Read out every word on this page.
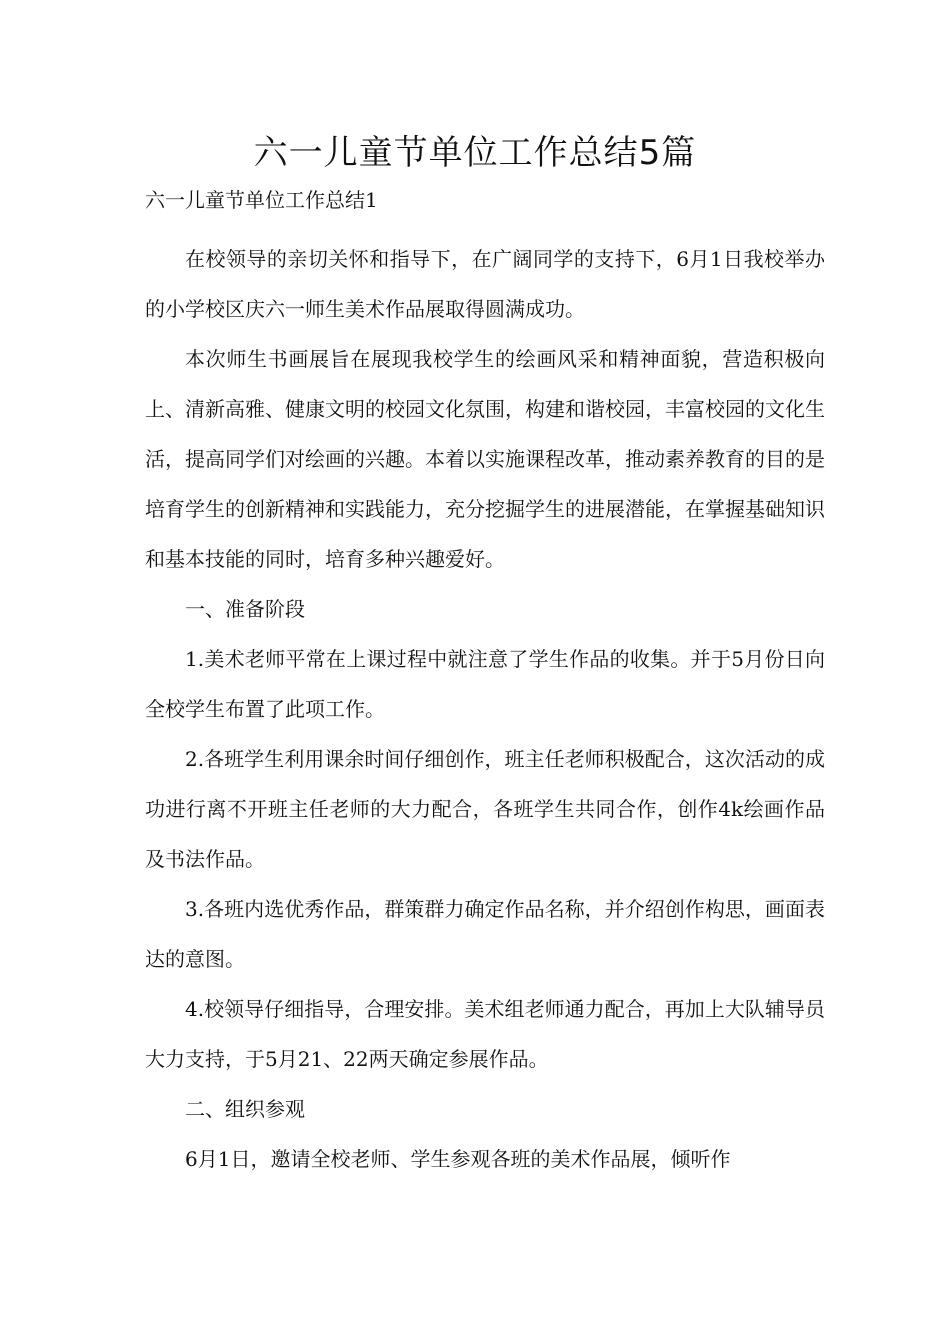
六一儿童节单位工作总结5篇

六一儿童节单位工作总结1

在校领导的亲切关怀和指导下，在广阔同学的支持下，6月1日我校举办的小学校区庆六一师生美术作品展取得圆满成功。

本次师生书画展旨在展现我校学生的绘画风采和精神面貌，营造积极向上、清新高雅、健康文明的校园文化氛围，构建和谐校园，丰富校园的文化生活，提高同学们对绘画的兴趣。本着以实施课程改革，推动素养教育的目的是培育学生的创新精神和实践能力，充分挖掘学生的进展潜能，在掌握基础知识和基本技能的同时，培育多种兴趣爱好。

一、准备阶段

1.美术老师平常在上课过程中就注意了学生作品的收集。并于5月份日向全校学生布置了此项工作。

2.各班学生利用课余时间仔细创作，班主任老师积极配合，这次活动的成功进行离不开班主任老师的大力配合，各班学生共同合作，创作4k绘画作品及书法作品。

3.各班内选优秀作品，群策群力确定作品名称，并介绍创作构思，画面表达的意图。

4.校领导仔细指导，合理安排。美术组老师通力配合，再加上大队辅导员大力支持，于5月21、22两天确定参展作品。

二、组织参观

6月1日，邀请全校老师、学生参观各班的美术作品展，倾听作
